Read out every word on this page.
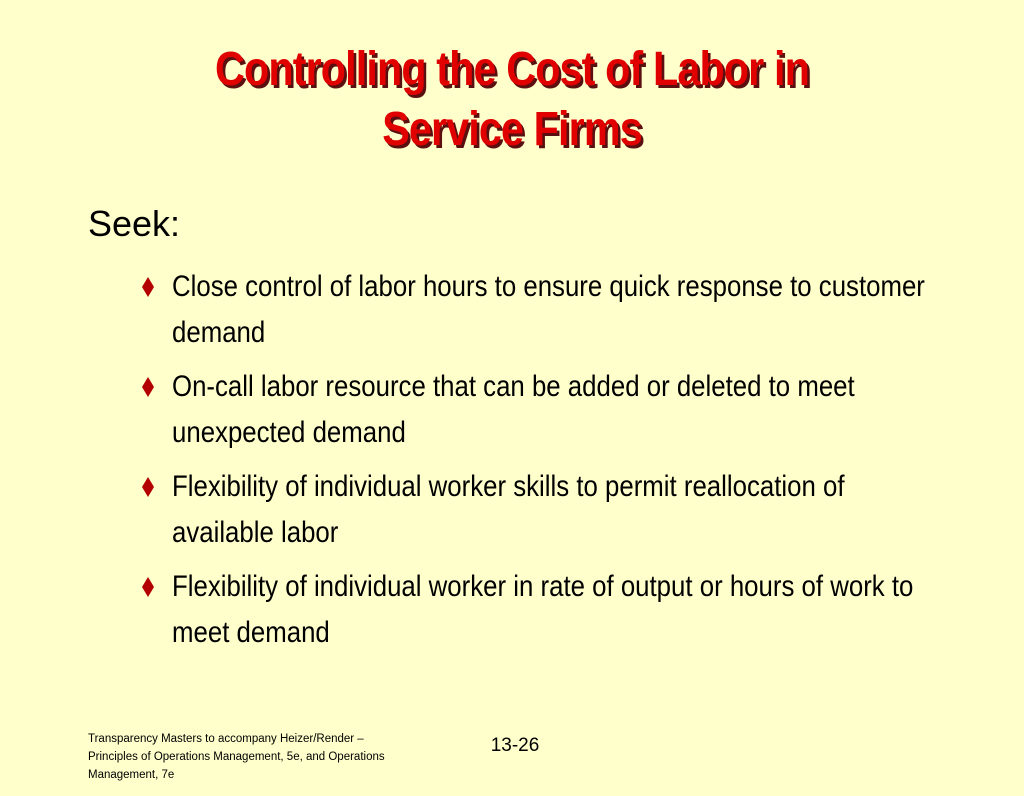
Controlling the Cost of Labor in
Service Firms
Seek:
Close control of labor hours to ensure quick response to customer demand
On-call labor resource that can be added or deleted to meet unexpected demand
Flexibility of individual worker skills to permit reallocation of available labor
Flexibility of individual worker in rate of output or hours of work to meet demand
Transparency Masters to accompany Heizer/Render – Principles of Operations Management, 5e, and Operations Management, 7e
13-26
